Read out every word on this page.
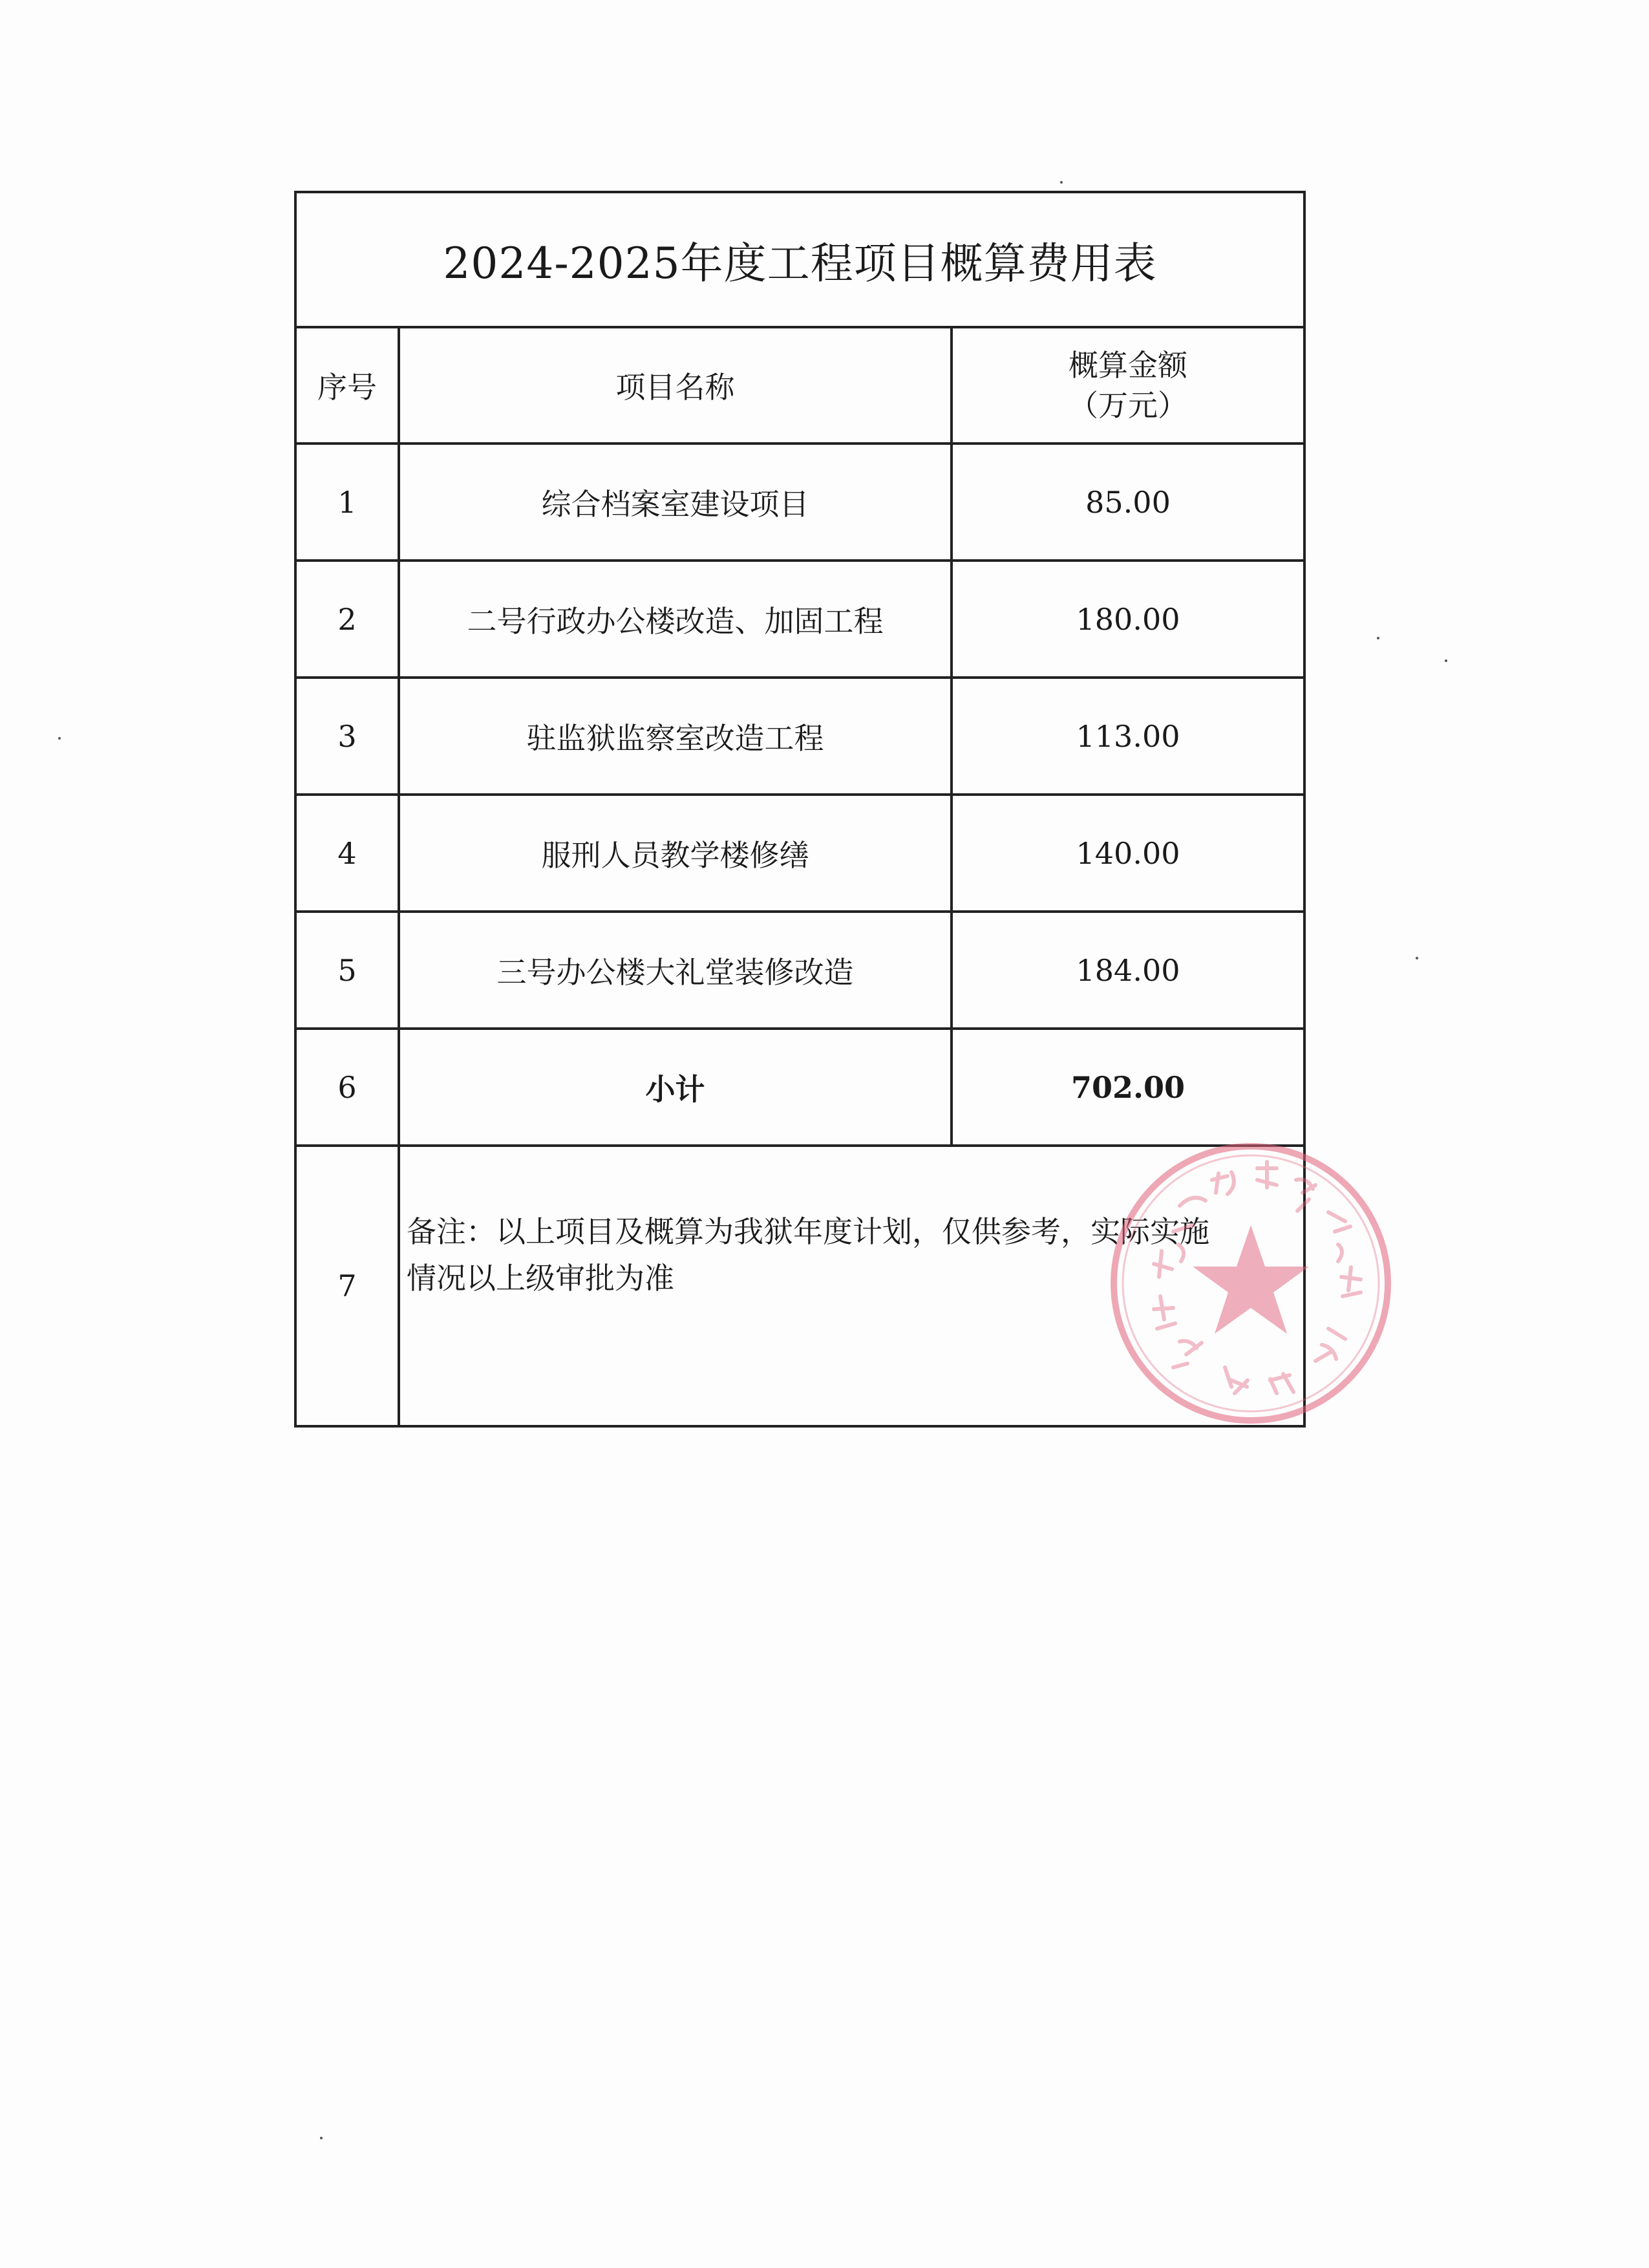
2024-2025年度工程项目概算费用表
序号	项目名称	概算金额
（万元）

1	综合档案室建设项目	85.00
2	二号行政办公楼改造、加固工程	180.00
3	驻监狱监察室改造工程	113.00
4	服刑人员教学楼修缮	140.00
5	三号办公楼大礼堂装修改造	184.00
6	小计	702.00
7	备注：以上项目及概算为我狱年度计划，仅供参考，实际实施
情况以上级审批为准	
